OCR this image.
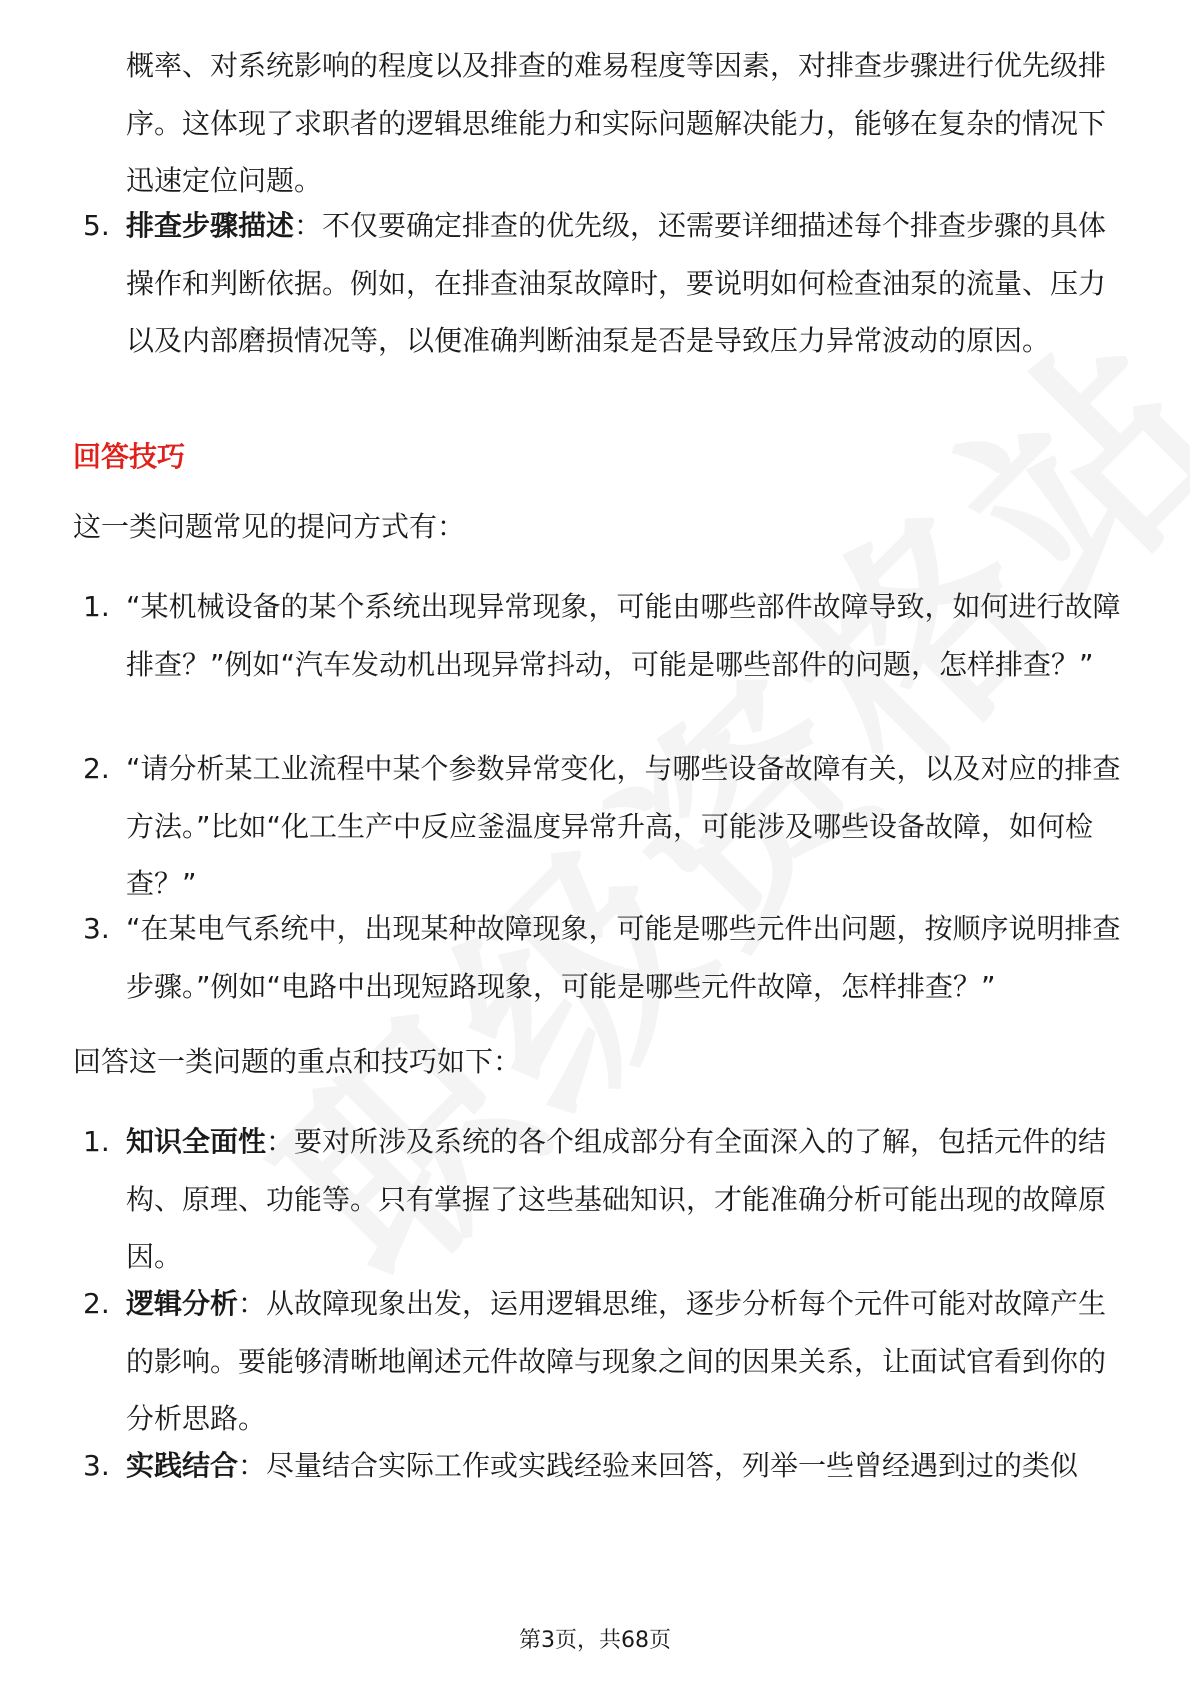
概率、对系统影响的程度以及排查的难易程度等因素，对排查步骤进行优先级排序。这体现了求职者的逻辑思维能力和实际问题解决能力，能够在复杂的情况下迅速定位问题。
5. 排查步骤描述：不仅要确定排查的优先级，还需要详细描述每个排查步骤的具体操作和判断依据。例如，在排查油泵故障时，要说明如何检查油泵的流量、压力以及内部磨损情况等，以便准确判断油泵是否是导致压力异常波动的原因。
回答技巧
这一类问题常见的提问方式有：
1. “某机械设备的某个系统出现异常现象，可能由哪些部件故障导致，如何进行故障排查？”例如“汽车发动机出现异常抖动，可能是哪些部件的问题，怎样排查？”
2. “请分析某工业流程中某个参数异常变化，与哪些设备故障有关，以及对应的排查方法。”比如“化工生产中反应釜温度异常升高，可能涉及哪些设备故障，如何检查？”
3. “在某电气系统中，出现某种故障现象，可能是哪些元件出问题，按顺序说明排查步骤。”例如“电路中出现短路现象，可能是哪些元件故障，怎样排查？”
回答这一类问题的重点和技巧如下：
1. 知识全面性：要对所涉及系统的各个组成部分有全面深入的了解，包括元件的结构、原理、功能等。只有掌握了这些基础知识，才能准确分析可能出现的故障原因。
2. 逻辑分析：从故障现象出发，运用逻辑思维，逐步分析每个元件可能对故障产生的影响。要能够清晰地阐述元件故障与现象之间的因果关系，让面试官看到你的分析思路。
3. 实践结合：尽量结合实际工作或实践经验来回答，列举一些曾经遇到过的类似
第3页，共68页
